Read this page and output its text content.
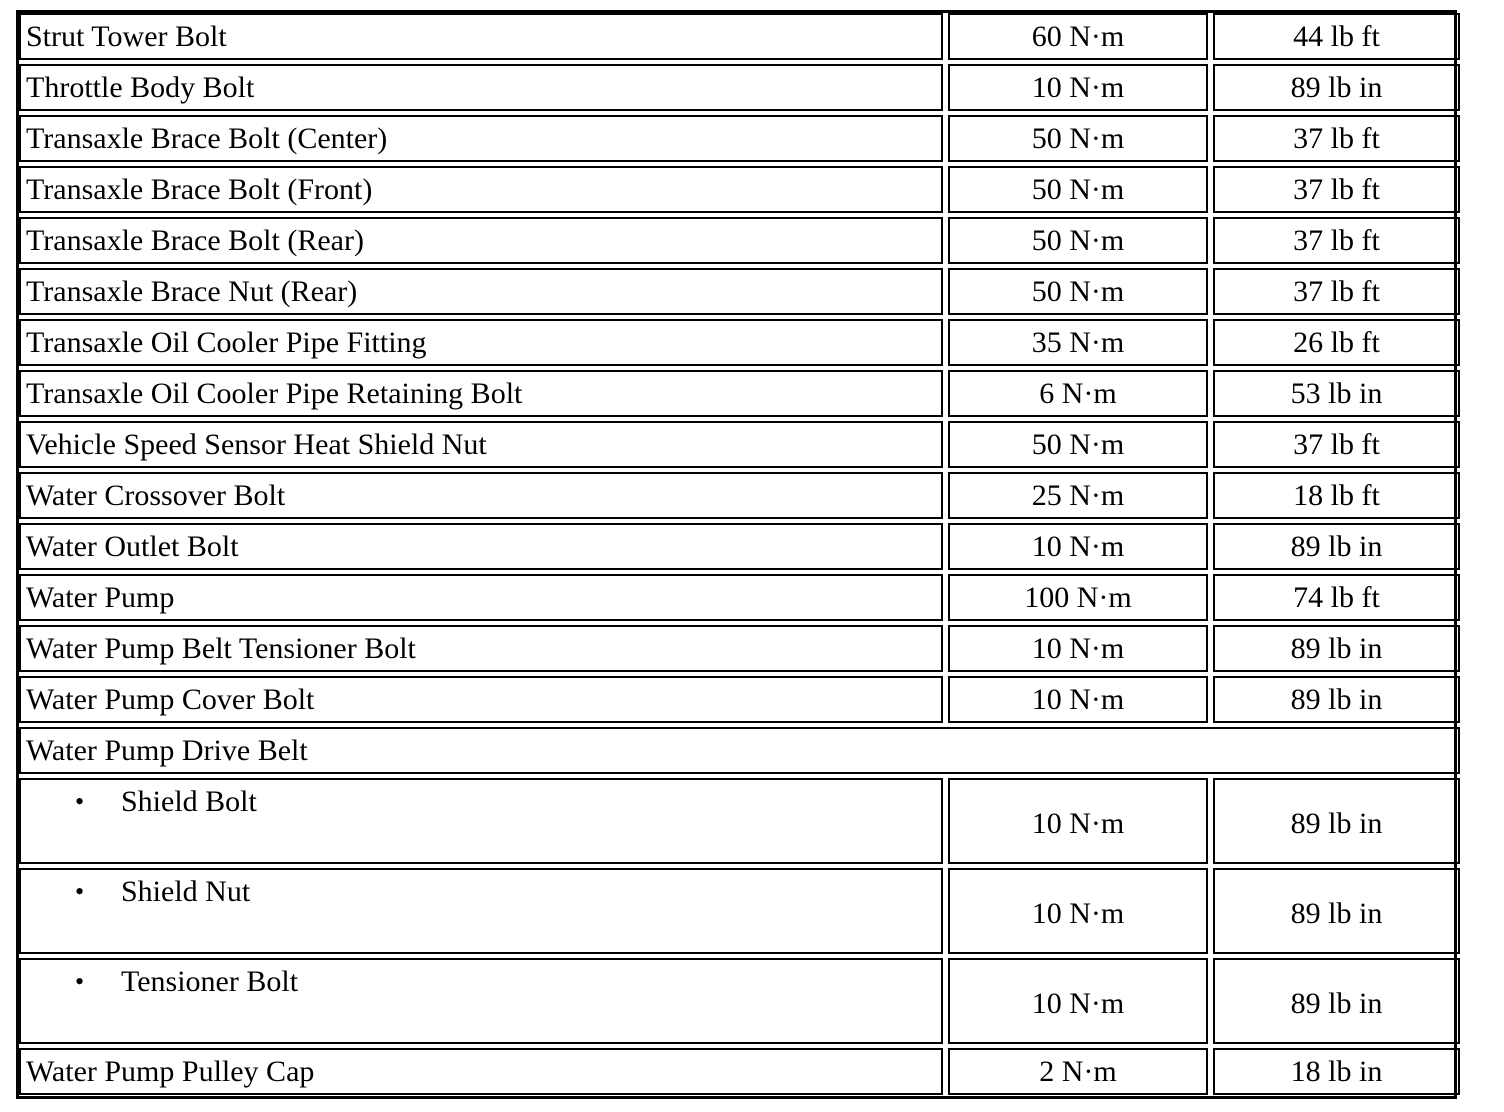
Strut Tower Bolt		60 N·m		44 lb ft

Throttle Body Bolt		10 N·m		89 lb in

Transaxle Brace Bolt (Center)		50 N·m		37 lb ft

Transaxle Brace Bolt (Front)		50 N·m		37 lb ft

Transaxle Brace Bolt (Rear)		50 N·m		37 lb ft

Transaxle Brace Nut (Rear)		50 N·m		37 lb ft

Transaxle Oil Cooler Pipe Fitting		35 N·m		26 lb ft

Transaxle Oil Cooler Pipe Retaining Bolt		6 N·m		53 lb in

Vehicle Speed Sensor Heat Shield Nut		50 N·m		37 lb ft

Water Crossover Bolt		25 N·m		18 lb ft

Water Outlet Bolt		10 N·m		89 lb in

Water Pump		100 N·m		74 lb ft

Water Pump Belt Tensioner Bolt		10 N·m		89 lb in

Water Pump Cover Bolt		10 N·m		89 lb in

Water Pump Drive Belt				

• Shield Bolt		10 N·m		89 lb in

• Shield Nut		10 N·m		89 lb in

• Tensioner Bolt		10 N·m		89 lb in

Water Pump Pulley Cap		2 N·m		18 lb in
